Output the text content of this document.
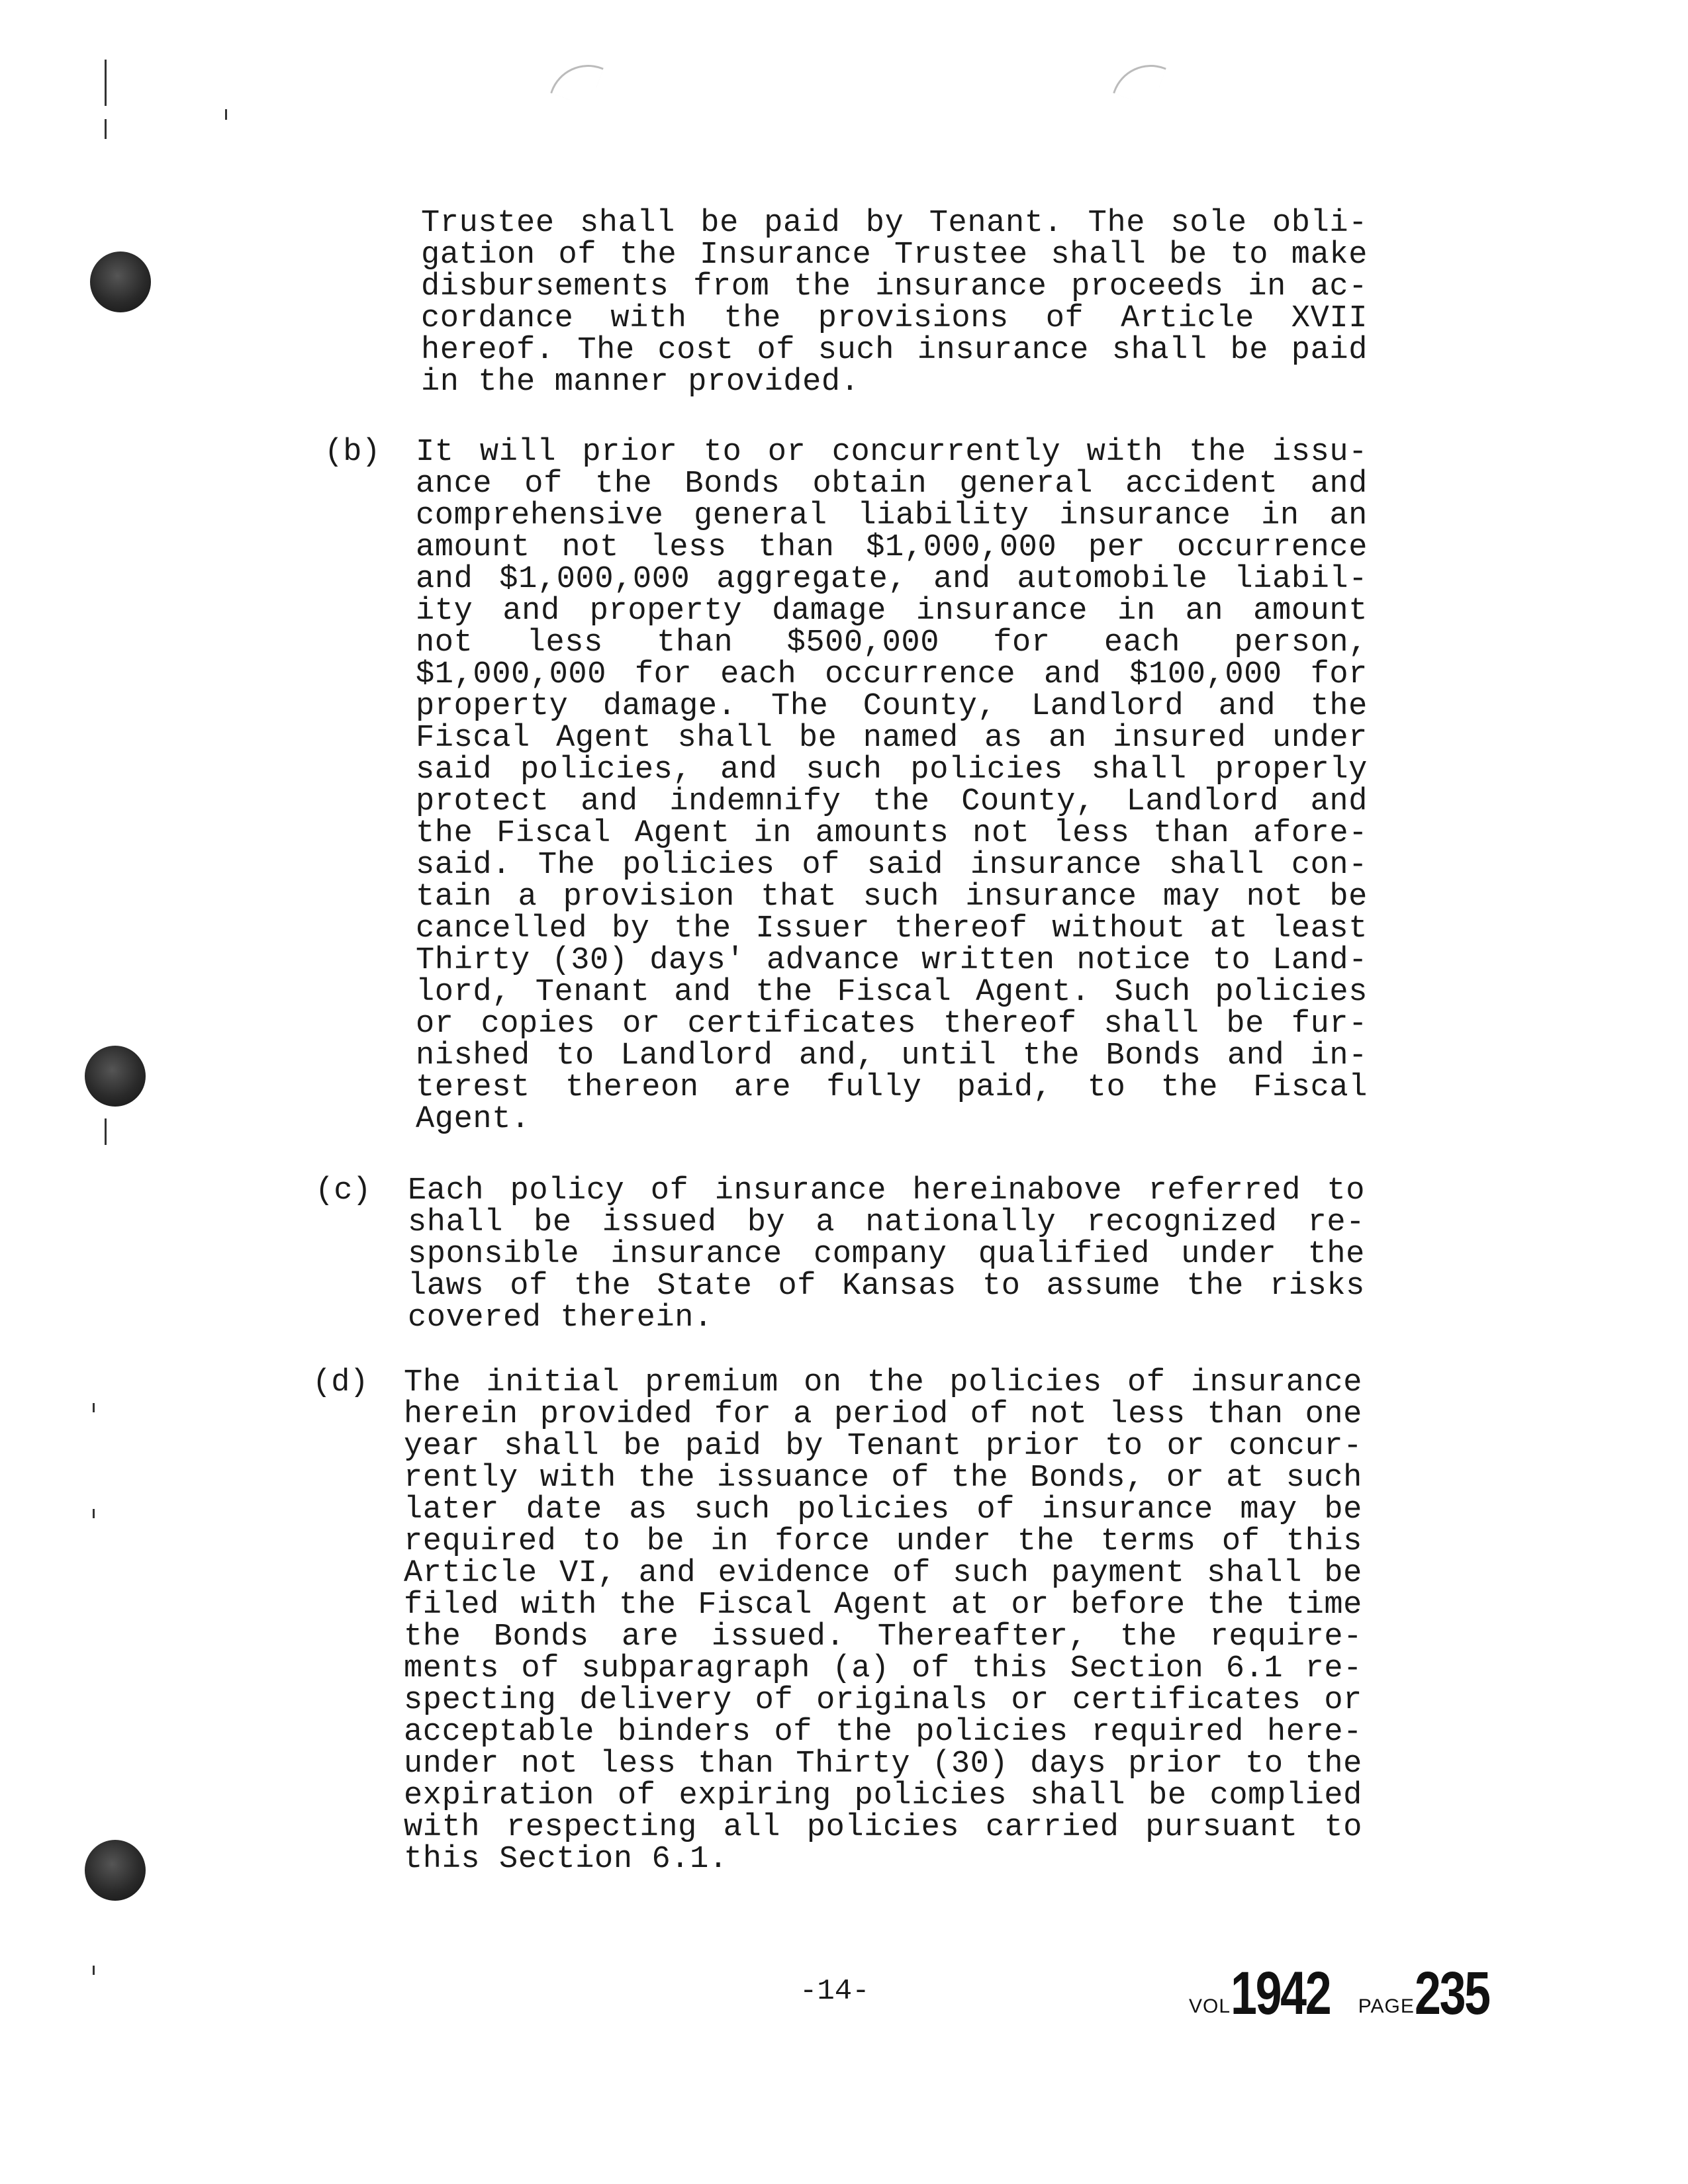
Trustee shall be paid by Tenant. The sole obli-
gation of the Insurance Trustee shall be to make
disbursements from the insurance proceeds in ac-
cordance with the provisions of Article XVII
hereof. The cost of such insurance shall be paid
in the manner provided.
(b) It will prior to or concurrently with the issu-
ance of the Bonds obtain general accident and
comprehensive general liability insurance in an
amount not less than $1,000,000 per occurrence
and $1,000,000 aggregate, and automobile liabil-
ity and property damage insurance in an amount
not less than $500,000 for each person,
$1,000,000 for each occurrence and $100,000 for
property damage. The County, Landlord and the
Fiscal Agent shall be named as an insured under
said policies, and such policies shall properly
protect and indemnify the County, Landlord and
the Fiscal Agent in amounts not less than afore-
said. The policies of said insurance shall con-
tain a provision that such insurance may not be
cancelled by the Issuer thereof without at least
Thirty (30) days' advance written notice to Land-
lord, Tenant and the Fiscal Agent. Such policies
or copies or certificates thereof shall be fur-
nished to Landlord and, until the Bonds and in-
terest thereon are fully paid, to the Fiscal
Agent.
(c) Each policy of insurance hereinabove referred to
shall be issued by a nationally recognized re-
sponsible insurance company qualified under the
laws of the State of Kansas to assume the risks
covered therein.
(d) The initial premium on the policies of insurance
herein provided for a period of not less than one
year shall be paid by Tenant prior to or concur-
rently with the issuance of the Bonds, or at such
later date as such policies of insurance may be
required to be in force under the terms of this
Article VI, and evidence of such payment shall be
filed with the Fiscal Agent at or before the time
the Bonds are issued. Thereafter, the require-
ments of subparagraph (a) of this Section 6.1 re-
specting delivery of originals or certificates or
acceptable binders of the policies required here-
under not less than Thirty (30) days prior to the
expiration of expiring policies shall be complied
with respecting all policies carried pursuant to
this Section 6.1.
-14-	VOL1942 PAGE235
